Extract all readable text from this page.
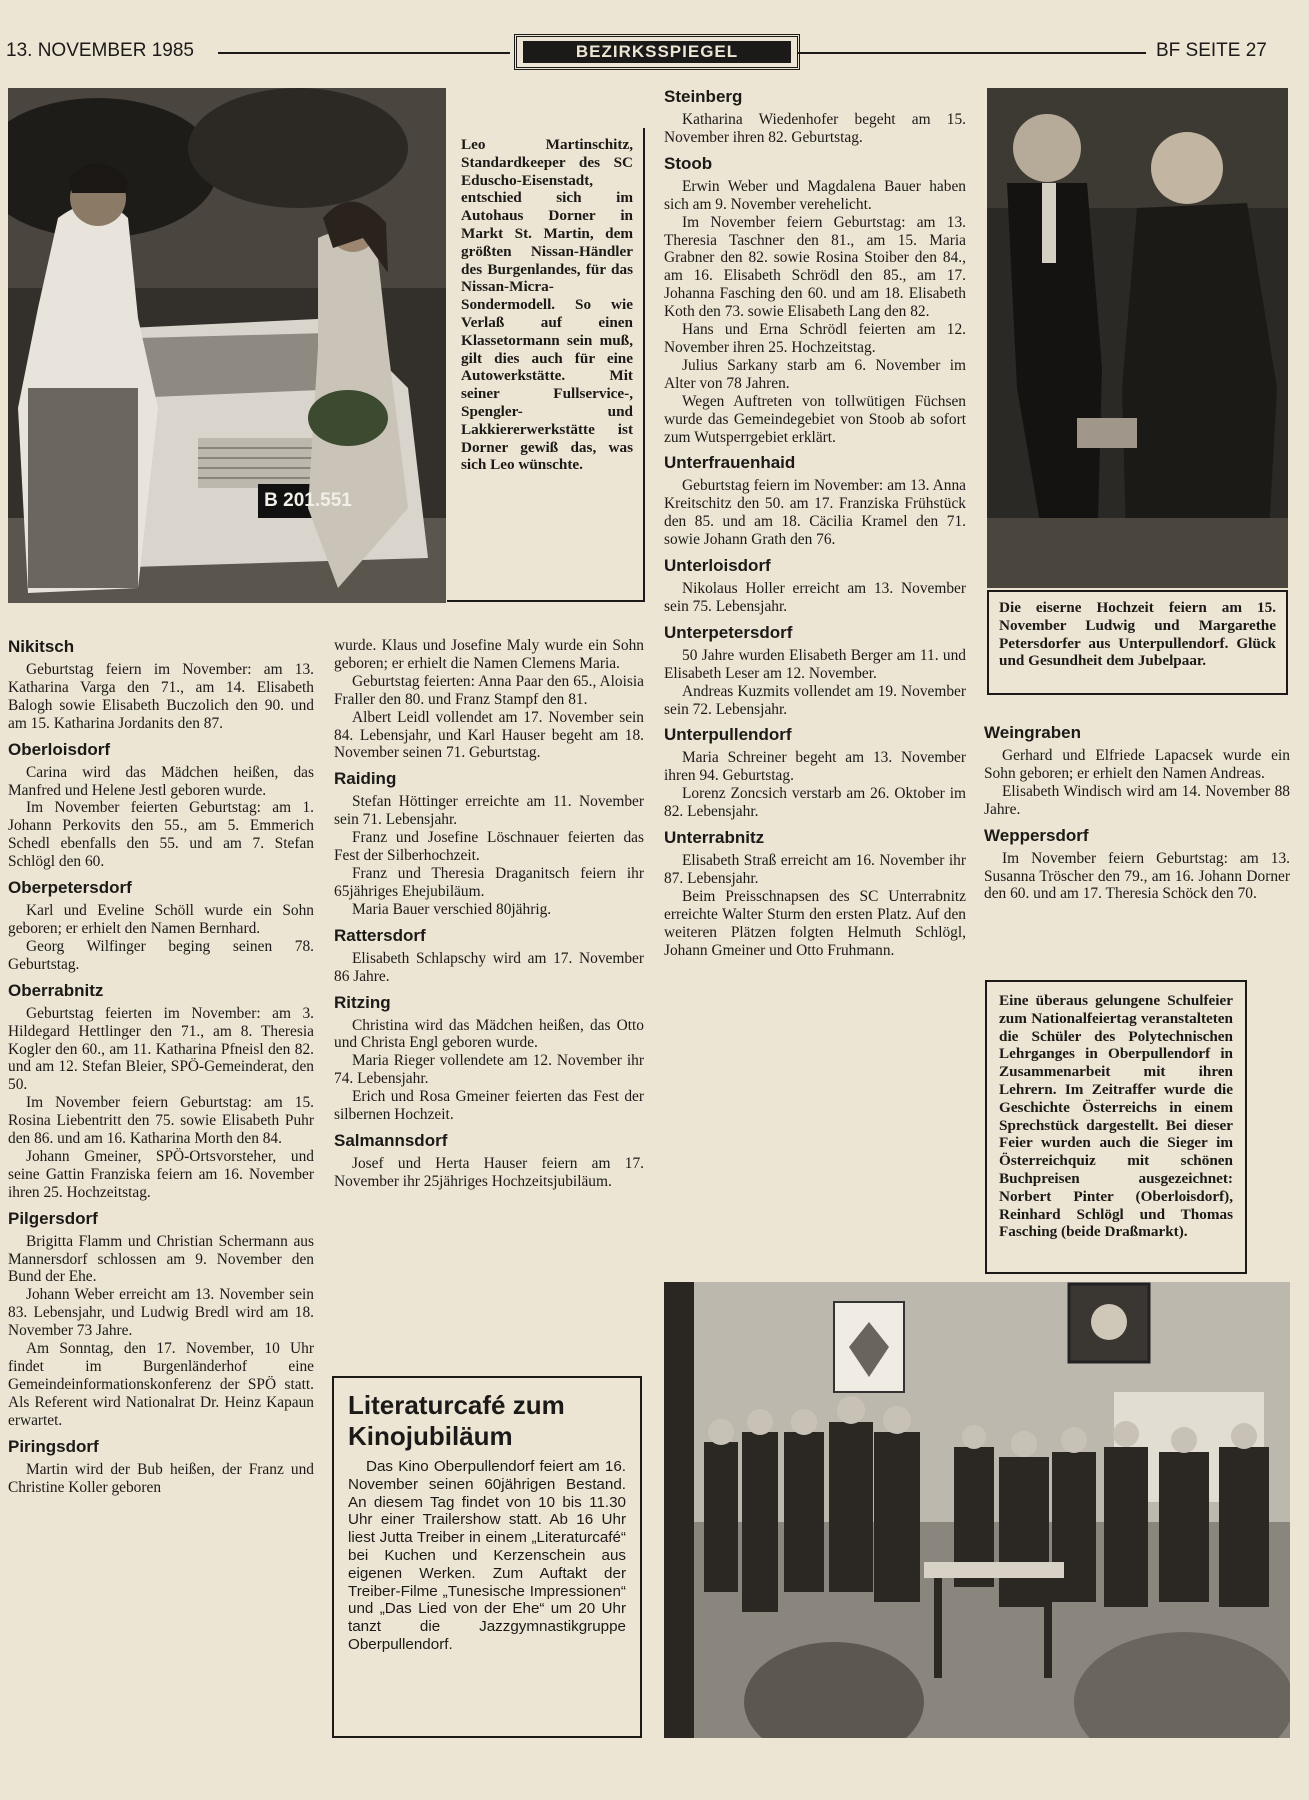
13. NOVEMBER 1985	BEZIRKSSPIEGEL	BF SEITE 27
B 201.551
Leo Martinschitz, Standardkeeper des SC Eduscho-Eisenstadt, entschied sich im Autohaus Dorner in Markt St. Martin, dem größten Nissan-Händler des Burgenlandes, für das Nissan-Micra-Sondermodell. So wie Verlaß auf einen Klassetormann sein muß, gilt dies auch für eine Autowerkstätte. Mit seiner Fullservice-, Spengler- und Lakkiererwerkstätte ist Dorner gewiß das, was sich Leo wünschte.
Die eiserne Hochzeit feiern am 15. November Ludwig und Margarethe Petersdorfer aus Unterpullendorf. Glück und Gesundheit dem Jubelpaar.
Nikitsch

Geburtstag feiern im November: am 13. Katharina Varga den 71., am 14. Elisabeth Balogh sowie Elisabeth Buczolich den 90. und am 15. Katharina Jordanits den 87.

Oberloisdorf

Carina wird das Mädchen heißen, das Manfred und Helene Jestl geboren wurde.

Im November feierten Geburtstag: am 1. Johann Perkovits den 55., am 5. Emmerich Schedl ebenfalls den 55. und am 7. Stefan Schlögl den 60.

Oberpetersdorf

Karl und Eveline Schöll wurde ein Sohn geboren; er erhielt den Namen Bernhard.

Georg Wilfinger beging seinen 78. Geburtstag.

Oberrabnitz

Geburtstag feierten im November: am 3. Hildegard Hettlinger den 71., am 8. Theresia Kogler den 60., am 11. Katharina Pfneisl den 82. und am 12. Stefan Bleier, SPÖ-Gemeinderat, den 50.

Im November feiern Geburtstag: am 15. Rosina Liebentritt den 75. sowie Elisabeth Puhr den 86. und am 16. Katharina Morth den 84.

Johann Gmeiner, SPÖ-Ortsvorsteher, und seine Gattin Franziska feiern am 16. November ihren 25. Hochzeitstag.

Pilgersdorf

Brigitta Flamm und Christian Schermann aus Mannersdorf schlossen am 9. November den Bund der Ehe.

Johann Weber erreicht am 13. November sein 83. Lebensjahr, und Ludwig Bredl wird am 18. November 73 Jahre.

Am Sonntag, den 17. November, 10 Uhr findet im Burgenländerhof eine Gemeindeinformationskonferenz der SPÖ statt. Als Referent wird Nationalrat Dr. Heinz Kapaun erwartet.

Piringsdorf

Martin wird der Bub heißen, der Franz und Christine Koller geboren

wurde. Klaus und Josefine Maly wurde ein Sohn geboren; er erhielt die Namen Clemens Maria.

Geburtstag feierten: Anna Paar den 65., Aloisia Fraller den 80. und Franz Stampf den 81.

Albert Leidl vollendet am 17. November sein 84. Lebensjahr, und Karl Hauser begeht am 18. November seinen 71. Geburtstag.

Raiding

Stefan Höttinger erreichte am 11. November sein 71. Lebensjahr.

Franz und Josefine Löschnauer feierten das Fest der Silberhochzeit.

Franz und Theresia Draganitsch feiern ihr 65jähriges Ehejubiläum.

Maria Bauer verschied 80jährig.

Rattersdorf

Elisabeth Schlapschy wird am 17. November 86 Jahre.

Ritzing

Christina wird das Mädchen heißen, das Otto und Christa Engl geboren wurde.

Maria Rieger vollendete am 12. November ihr 74. Lebensjahr.

Erich und Rosa Gmeiner feierten das Fest der silbernen Hochzeit.

Salmannsdorf

Josef und Herta Hauser feiern am 17. November ihr 25jähriges Hochzeitsjubiläum.

Literaturcafé zum Kinojubiläum

Das Kino Oberpullendorf feiert am 16. November seinen 60jährigen Bestand. An diesem Tag findet von 10 bis 11.30 Uhr einer Trailershow statt. Ab 16 Uhr liest Jutta Treiber in einem „Literaturcafé“ bei Kuchen und Kerzenschein aus eigenen Werken. Zum Auftakt der Treiber-Filme „Tunesische Impressionen“ und „Das Lied von der Ehe“ um 20 Uhr tanzt die Jazzgymnastikgruppe Oberpullendorf.

Steinberg

Katharina Wiedenhofer begeht am 15. November ihren 82. Geburtstag.

Stoob

Erwin Weber und Magdalena Bauer haben sich am 9. November verehelicht.

Im November feiern Geburtstag: am 13. Theresia Taschner den 81., am 15. Maria Grabner den 82. sowie Rosina Stoiber den 84., am 16. Elisabeth Schrödl den 85., am 17. Johanna Fasching den 60. und am 18. Elisabeth Koth den 73. sowie Elisabeth Lang den 82.

Hans und Erna Schrödl feierten am 12. November ihren 25. Hochzeitstag.

Julius Sarkany starb am 6. November im Alter von 78 Jahren.

Wegen Auftreten von tollwütigen Füchsen wurde das Gemeindegebiet von Stoob ab sofort zum Wutsperrgebiet erklärt.

Unterfrauenhaid

Geburtstag feiern im November: am 13. Anna Kreitschitz den 50. am 17. Franziska Frühstück den 85. und am 18. Cäcilia Kramel den 71. sowie Johann Grath den 76.

Unterloisdorf

Nikolaus Holler erreicht am 13. November sein 75. Lebensjahr.

Unterpetersdorf

50 Jahre wurden Elisabeth Berger am 11. und Elisabeth Leser am 12. November.

Andreas Kuzmits vollendet am 19. November sein 72. Lebensjahr.

Unterpullendorf

Maria Schreiner begeht am 13. November ihren 94. Geburtstag.

Lorenz Zoncsich verstarb am 26. Oktober im 82. Lebensjahr.

Unterrabnitz

Elisabeth Straß erreicht am 16. November ihr 87. Lebensjahr.

Beim Preisschnapsen des SC Unterrabnitz erreichte Walter Sturm den ersten Platz. Auf den weiteren Plätzen folgten Helmuth Schlögl, Johann Gmeiner und Otto Fruhmann.

Weingraben

Gerhard und Elfriede Lapacsek wurde ein Sohn geboren; er erhielt den Namen Andreas.

Elisabeth Windisch wird am 14. November 88 Jahre.

Weppersdorf

Im November feiern Geburtstag: am 13. Susanna Tröscher den 79., am 16. Johann Dorner den 60. und am 17. Theresia Schöck den 70.

Eine überaus gelungene Schulfeier zum Nationalfeiertag veranstalteten die Schüler des Polytechnischen Lehrganges in Oberpullendorf in Zusammenarbeit mit ihren Lehrern. Im Zeitraffer wurde die Geschichte Österreichs in einem Sprechstück dargestellt. Bei dieser Feier wurden auch die Sieger im Österreichquiz mit schönen Buchpreisen ausgezeichnet: Norbert Pinter (Oberloisdorf), Reinhard Schlögl und Thomas Fasching (beide Draßmarkt).
